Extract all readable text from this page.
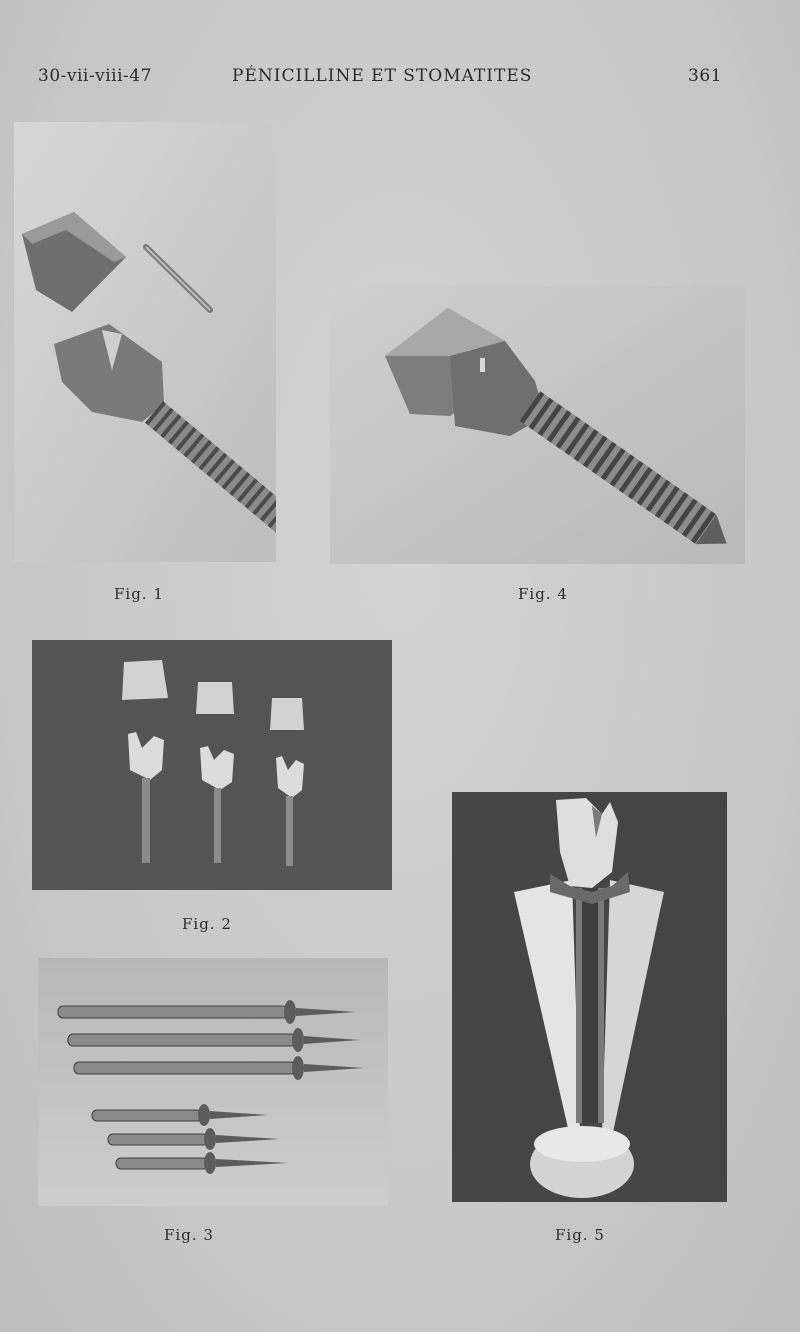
30-vii-viii-47	PÉNICILLINE ET STOMATITES	361
Fig. 1	Fig. 4
Fig. 2
Fig. 3	Fig. 5
